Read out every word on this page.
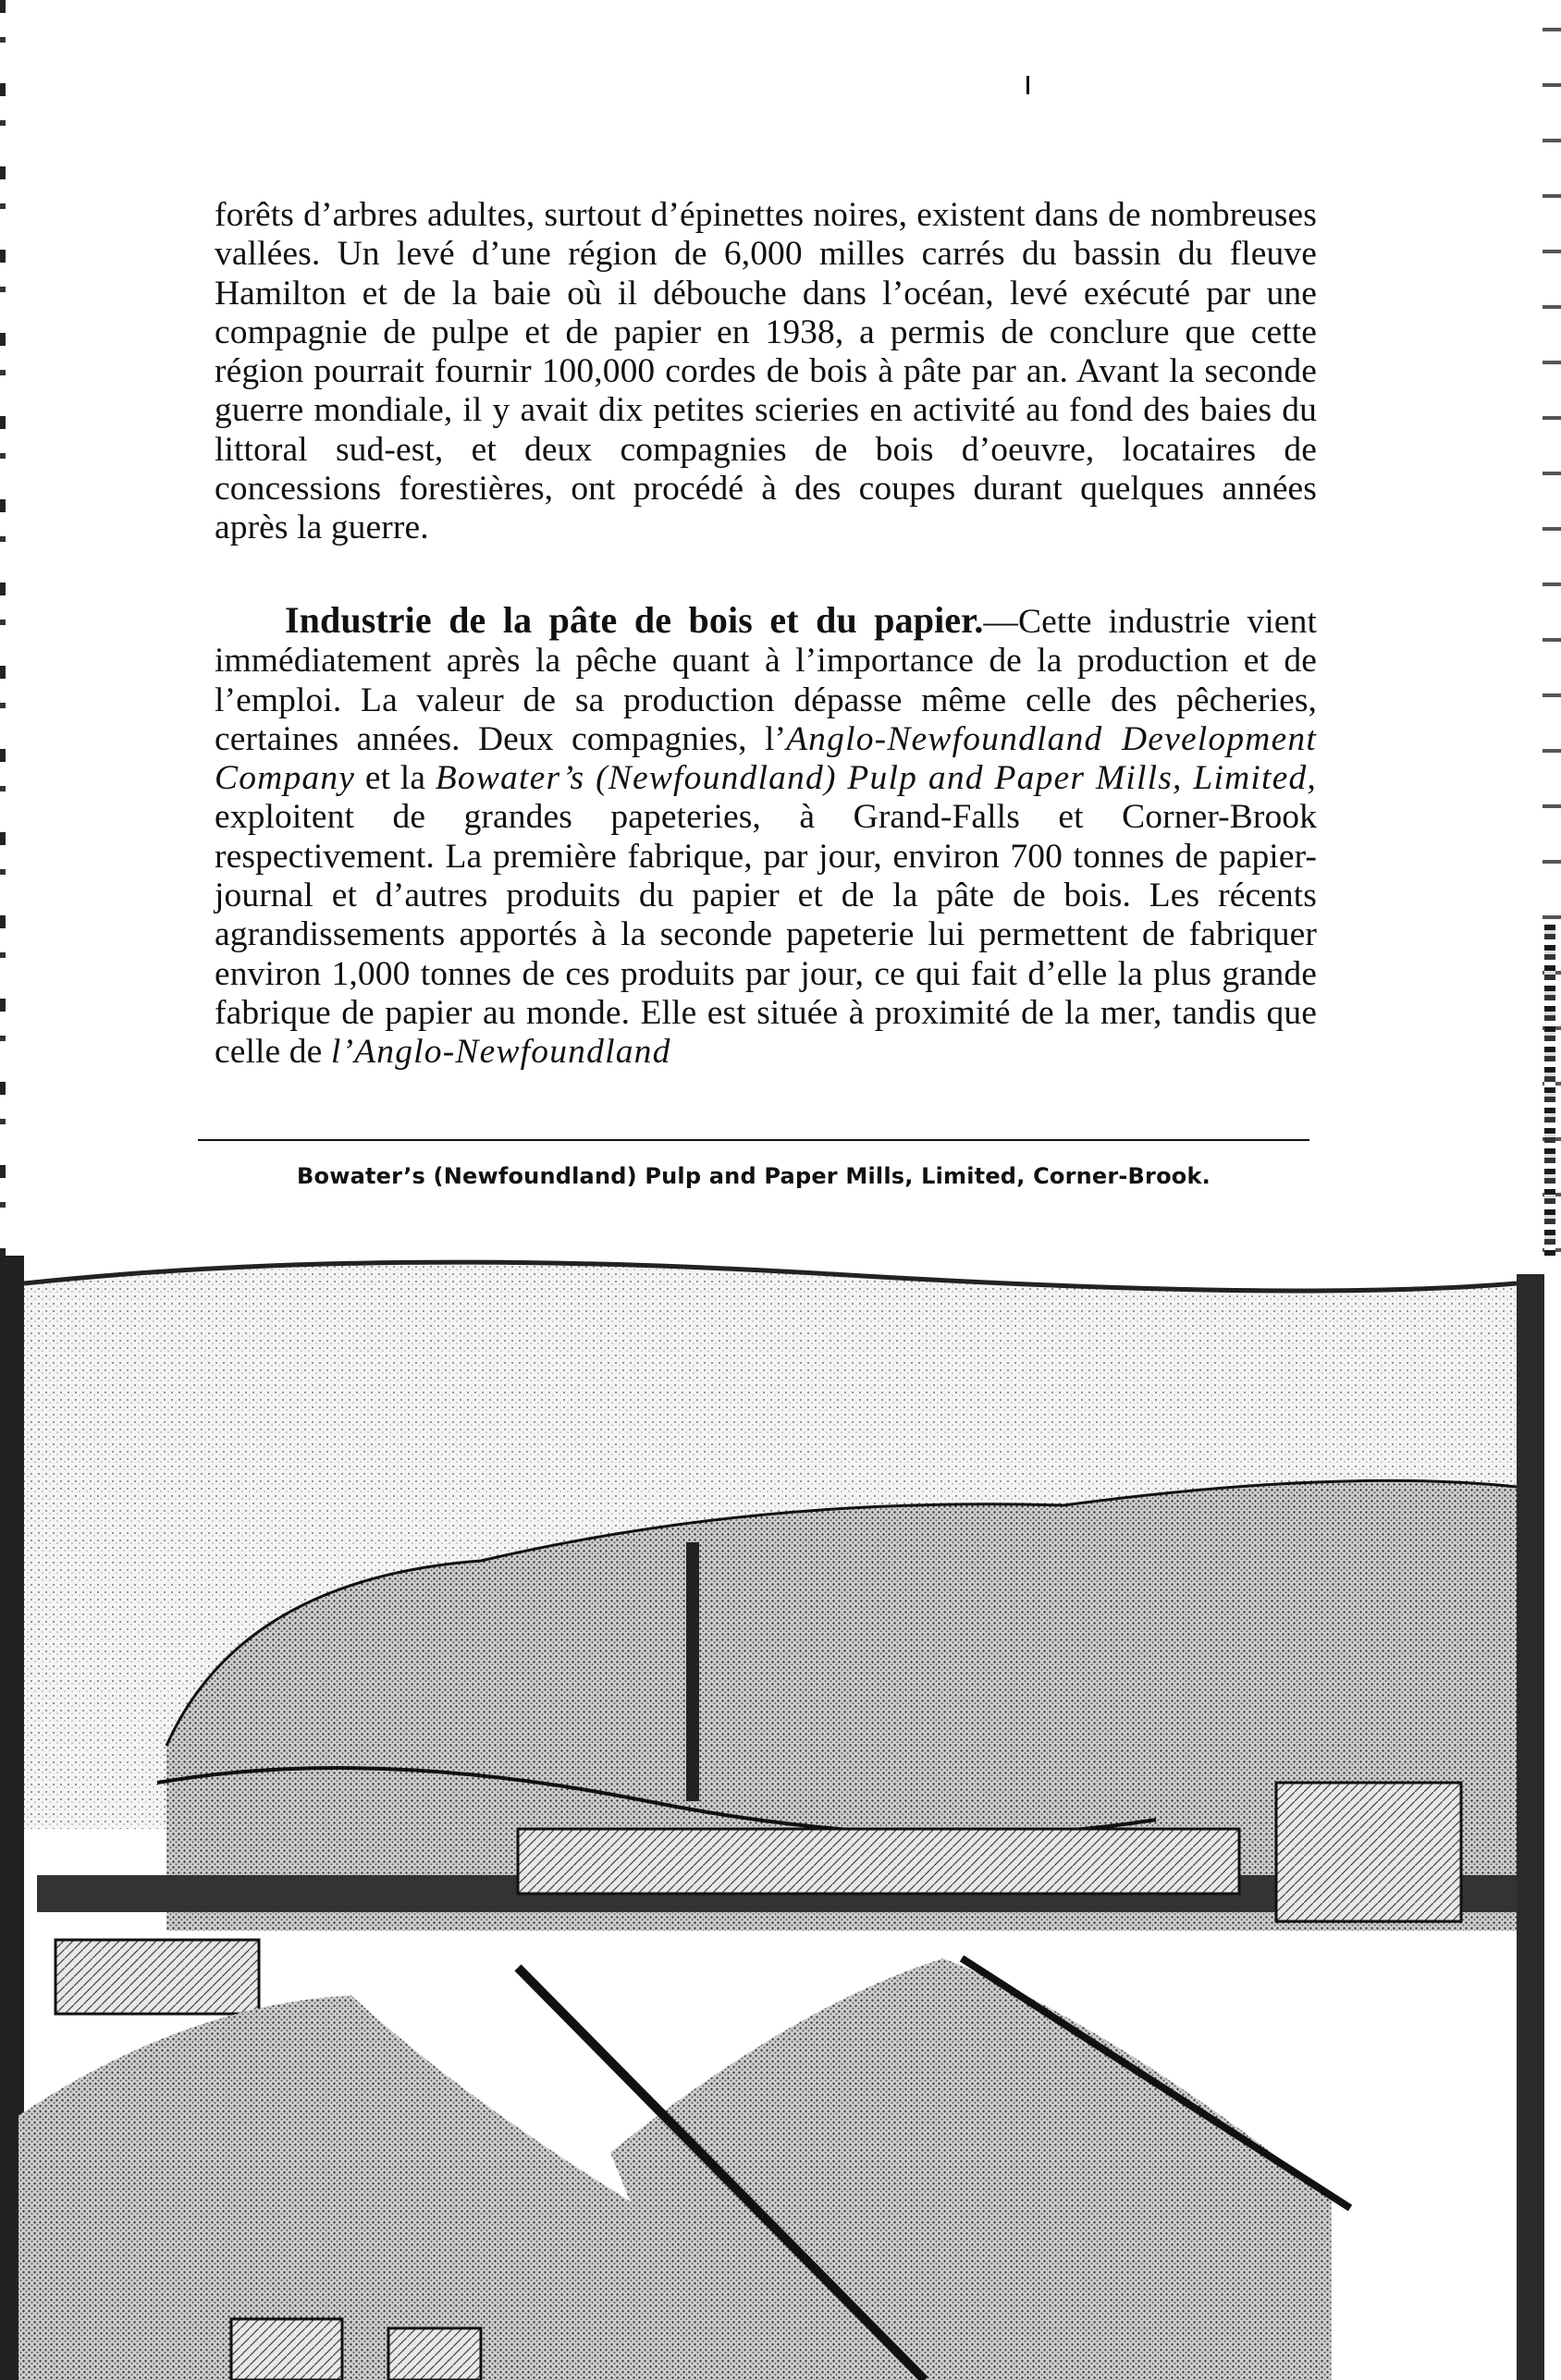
forêts d’arbres adultes, surtout d’épinettes noires, existent dans de nombreuses vallées. Un levé d’une région de 6,000 milles carrés du bassin du fleuve Hamilton et de la baie où il débouche dans l’océan, levé exécuté par une compagnie de pulpe et de papier en 1938, a permis de conclure que cette région pourrait fournir 100,000 cordes de bois à pâte par an. Avant la seconde guerre mondiale, il y avait dix petites scieries en activité au fond des baies du littoral sud-est, et deux compagnies de bois d’oeuvre, locataires de concessions forestières, ont procédé à des coupes durant quelques années après la guerre.
Industrie de la pâte de bois et du papier.—Cette industrie vient immédiatement après la pêche quant à l’importance de la production et de l’emploi. La valeur de sa production dépasse même celle des pêcheries, certaines années. Deux compagnies, l’Anglo-Newfoundland Development Company et la Bowater’s (Newfoundland) Pulp and Paper Mills, Limited, exploitent de grandes papeteries, à Grand-Falls et Corner-Brook respectivement. La première fabrique, par jour, environ 700 tonnes de papier-journal et d’autres produits du papier et de la pâte de bois. Les récents agrandissements apportés à la seconde papeterie lui permettent de fabriquer environ 1,000 tonnes de ces produits par jour, ce qui fait d’elle la plus grande fabrique de papier au monde. Elle est située à proximité de la mer, tandis que celle de l’Anglo-Newfoundland
Bowater’s (Newfoundland) Pulp and Paper Mills, Limited, Corner-Brook.
